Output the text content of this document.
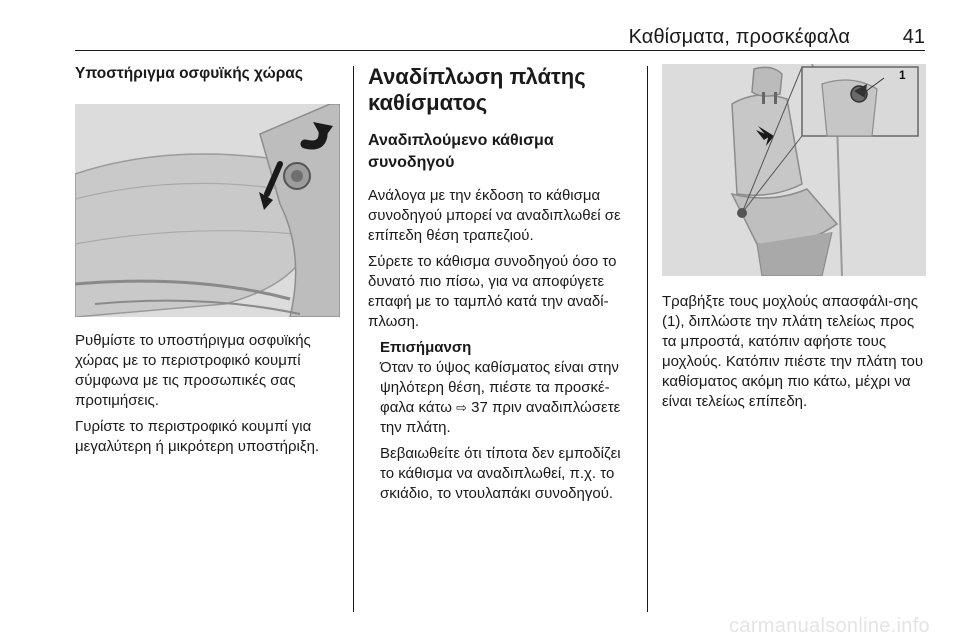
Καθίσματα, προσκέφαλα	41
Υποστήριγμα οσφυϊκής χώρας

Ρυθμίστε το υποστήριγμα οσφυϊκής χώρας με το περιστροφικό κουμπί σύμφωνα με τις προσωπικές σας προτιμήσεις.

Γυρίστε το περιστροφικό κουμπί για μεγαλύτερη ή μικρότερη υποστήριξη.

Αναδίπλωση πλάτης καθίσματος
Αναδιπλούμενο κάθισμα συνοδηγού

Ανάλογα με την έκδοση το κάθισμα συνοδηγού μπορεί να αναδιπλωθεί σε επίπεδη θέση τραπεζιού.

Σύρετε το κάθισμα συνοδηγού όσο το δυνατό πιο πίσω, για να αποφύγετε επαφή με το ταμπλό κατά την αναδί‐πλωση.

Επισήμανση

Όταν το ύψος καθίσματος είναι στην ψηλότερη θέση, πιέστε τα προσκέ‐φαλα κάτω ⇨ 37 πριν αναδιπλώσετε την πλάτη.

Βεβαιωθείτε ότι τίποτα δεν εμποδίζει το κάθισμα να αναδιπλωθεί, π.χ. το σκιάδιο, το ντουλαπάκι συνοδηγού.

1

Τραβήξτε τους μοχλούς απασφάλι‐σης (1), διπλώστε την πλάτη τελείως προς τα μπροστά, κατόπιν αφήστε τους μοχλούς. Κατόπιν πιέστε την πλάτη του καθίσματος ακόμη πιο κάτω, μέχρι να είναι τελείως επίπεδη.

carmanualsonline.info
